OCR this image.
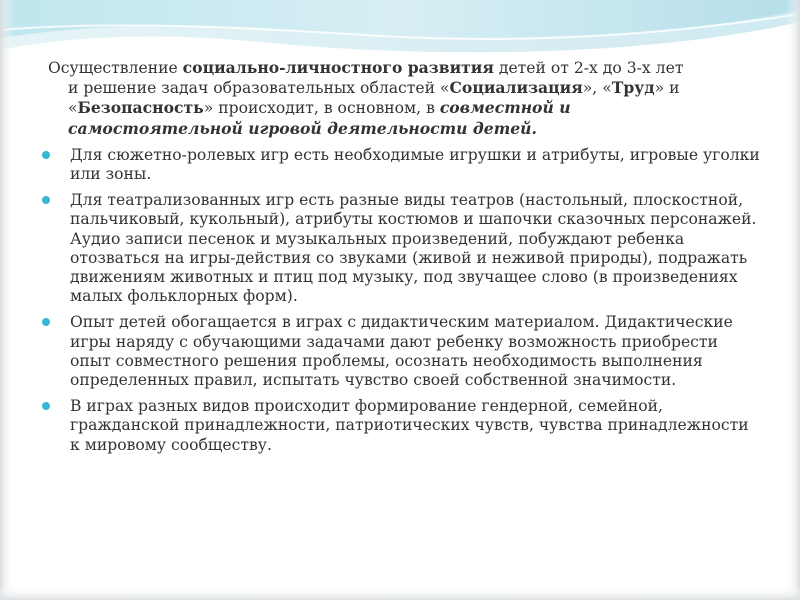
Осуществление социально-личностного развития детей от 2-х до 3-х лет
и решение задач образовательных областей «Социализация», «Труд» и
«Безопасность» происходит, в основном, в совместной и
самостоятельной игровой деятельности детей.

Для сюжетно-ролевых игр есть необходимые игрушки и атрибуты, игровые уголки или зоны.
Для театрализованных игр есть разные виды театров (настольный, плоскостной, пальчиковый, кукольный), атрибуты костюмов и шапочки сказочных персонажей. Аудио записи песенок и музыкальных произведений, побуждают ребенка отозваться на игры-действия со звуками (живой и неживой природы), подражать движениям животных и птиц под музыку, под звучащее слово (в произведениях малых фольклорных форм).
Опыт детей обогащается в играх с дидактическим материалом. Дидактические игры наряду с обучающими задачами дают ребенку возможность приобрести опыт совместного решения проблемы, осознать необходимость выполнения определенных правил, испытать чувство своей собственной значимости.
В играх разных видов происходит формирование гендерной, семейной, гражданской принадлежности, патриотических чувств, чувства принадлежности к мировому сообществу.
